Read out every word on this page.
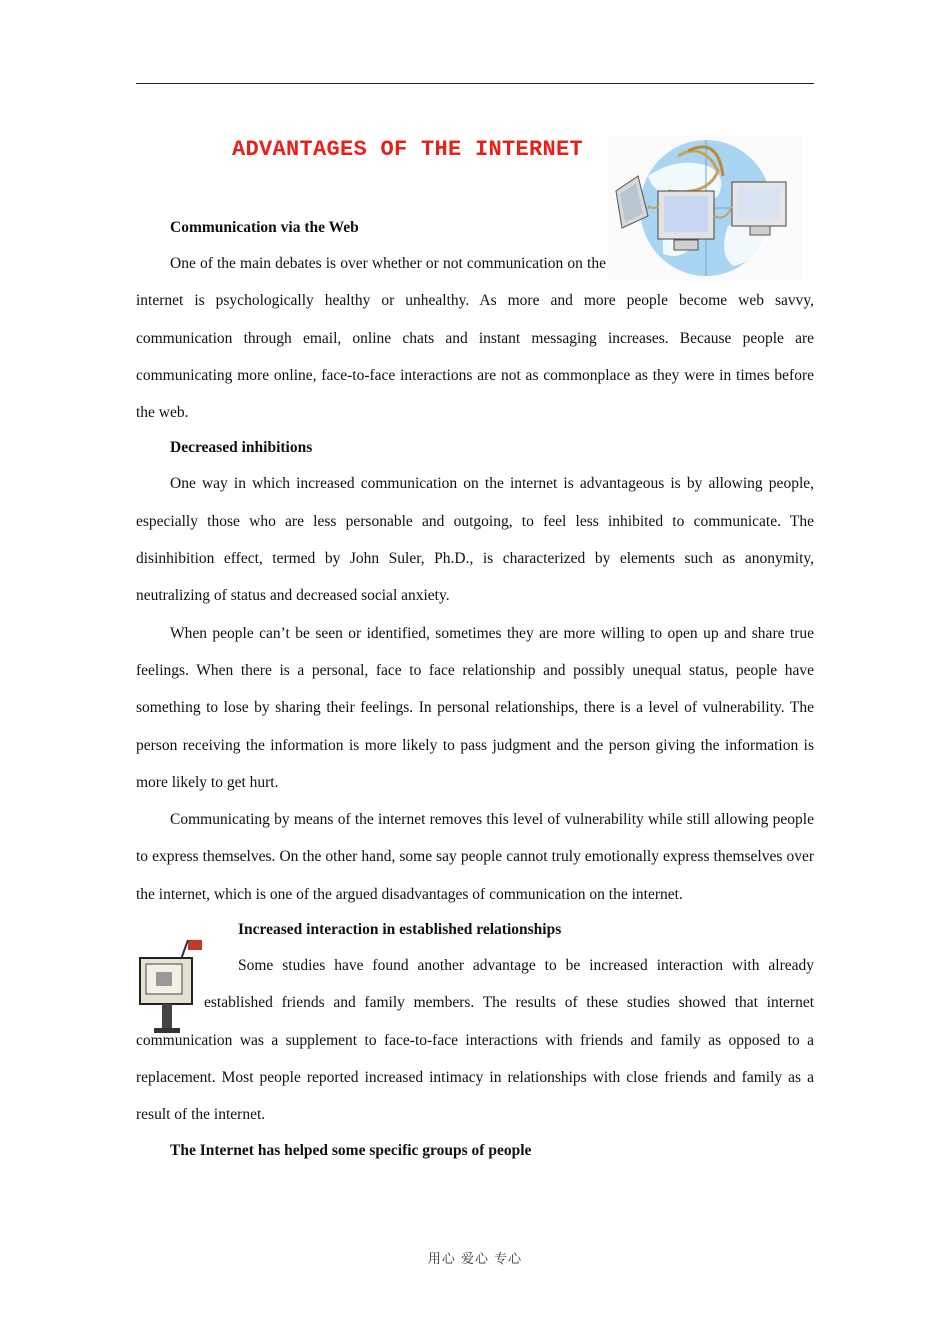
ADVANTAGES OF THE INTERNET

Communication via the Web

One of the main debates is over whether or not communication on the internet is psychologically healthy or unhealthy. As more and more people become web savvy, communication through email, online chats and instant messaging increases. Because people are communicating more online, face-to-face interactions are not as commonplace as they were in times before the web.

Decreased inhibitions

One way in which increased communication on the internet is advantageous is by allowing people, especially those who are less personable and outgoing, to feel less inhibited to communicate. The disinhibition effect, termed by John Suler, Ph.D., is characterized by elements such as anonymity, neutralizing of status and decreased social anxiety.

When people can’t be seen or identified, sometimes they are more willing to open up and share true feelings. When there is a personal, face to face relationship and possibly unequal status, people have something to lose by sharing their feelings. In personal relationships, there is a level of vulnerability. The person receiving the information is more likely to pass judgment and the person giving the information is more likely to get hurt.

Communicating by means of the internet removes this level of vulnerability while still allowing people to express themselves. On the other hand, some say people cannot truly emotionally express themselves over the internet, which is one of the argued disadvantages of communication on the internet.

Increased interaction in established relationships

Some studies have found another advantage to be increased interaction with already established friends and family members. The results of these studies showed that internet communication was a supplement to face-to-face interactions with friends and family as opposed to a replacement. Most people reported increased intimacy in relationships with close friends and family as a result of the internet.

The Internet has helped some specific groups of people

用心 爱心 专心
